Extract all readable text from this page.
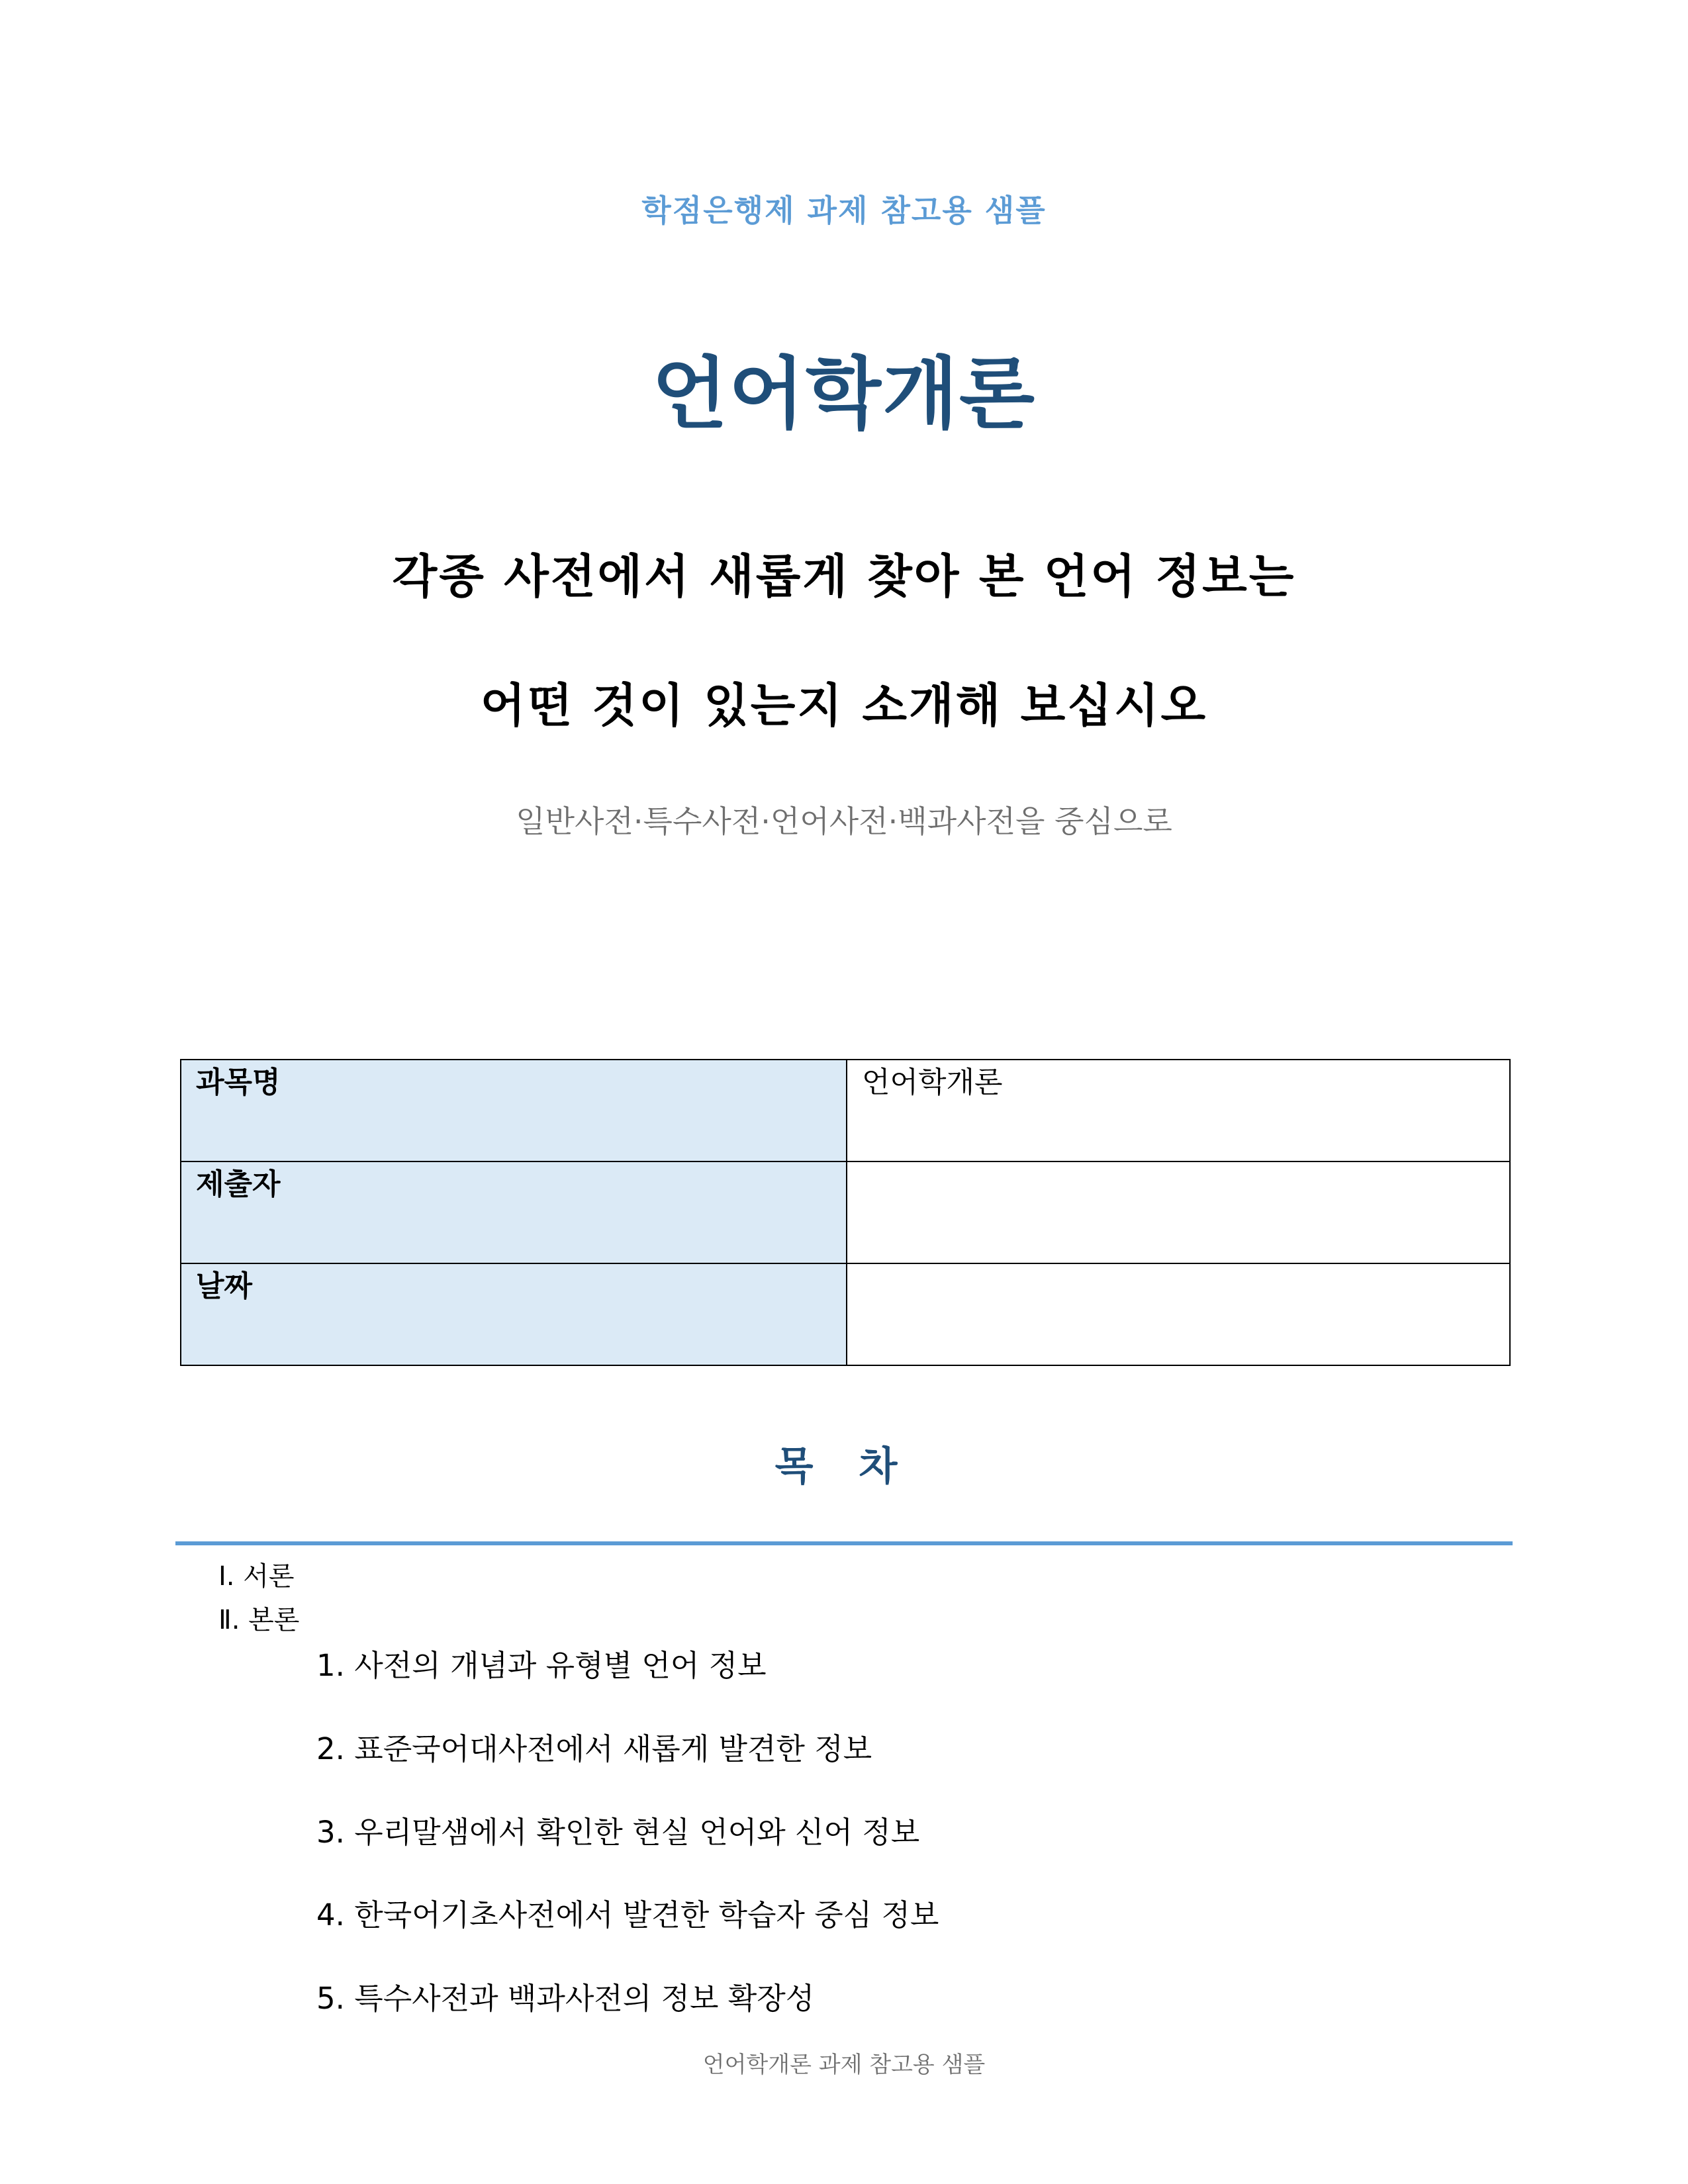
학점은행제 과제 참고용 샘플
언어학개론
각종 사전에서 새롭게 찾아 본 언어 정보는
어떤 것이 있는지 소개해 보십시오
일반사전·특수사전·언어사전·백과사전을 중심으로
과목명	언어학개론
제출자	
날짜	
목 차
Ⅰ. 서론
Ⅱ. 본론
1. 사전의 개념과 유형별 언어 정보
2. 표준국어대사전에서 새롭게 발견한 정보
3. 우리말샘에서 확인한 현실 언어와 신어 정보
4. 한국어기초사전에서 발견한 학습자 중심 정보
5. 특수사전과 백과사전의 정보 확장성
언어학개론 과제 참고용 샘플
